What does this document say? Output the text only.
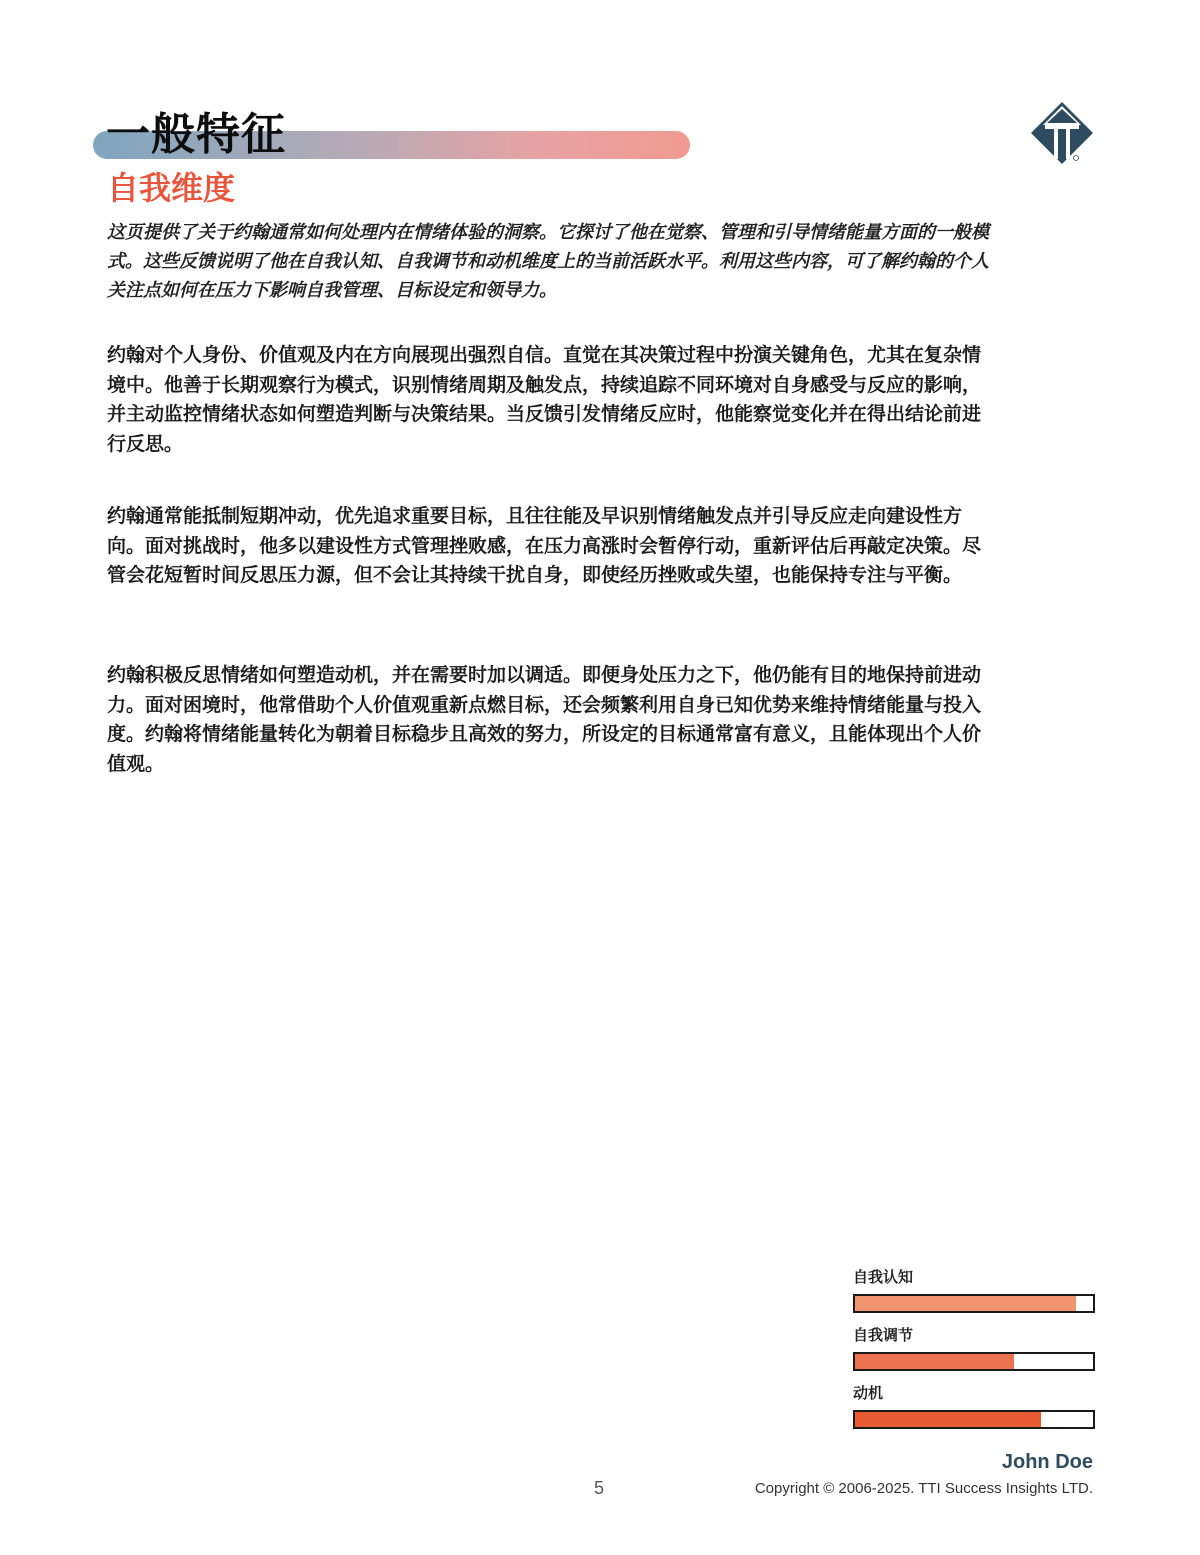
一般特征
自我维度

这页提供了关于约翰通常如何处理内在情绪体验的洞察。它探讨了他在觉察、管理和引导情绪能量方面的一般模式。这些反馈说明了他在自我认知、自我调节和动机维度上的当前活跃水平。利用这些内容，可了解约翰的个人关注点如何在压力下影响自我管理、目标设定和领导力。

约翰对个人身份、价值观及内在方向展现出强烈自信。直觉在其决策过程中扮演关键角色，尤其在复杂情境中。他善于长期观察行为模式，识别情绪周期及触发点，持续追踪不同环境对自身感受与反应的影响，并主动监控情绪状态如何塑造判断与决策结果。当反馈引发情绪反应时，他能察觉变化并在得出结论前进行反思。

约翰通常能抵制短期冲动，优先追求重要目标，且往往能及早识别情绪触发点并引导反应走向建设性方向。面对挑战时，他多以建设性方式管理挫败感，在压力高涨时会暂停行动，重新评估后再敲定决策。尽管会花短暂时间反思压力源，但不会让其持续干扰自身，即使经历挫败或失望，也能保持专注与平衡。

约翰积极反思情绪如何塑造动机，并在需要时加以调适。即便身处压力之下，他仍能有目的地保持前进动力。面对困境时，他常借助个人价值观重新点燃目标，还会频繁利用自身已知优势来维持情绪能量与投入度。约翰将情绪能量转化为朝着目标稳步且高效的努力，所设定的目标通常富有意义，且能体现出个人价值观。

自我认知
自我调节
动机

5

John Doe

Copyright © 2006-2025. TTI Success Insights LTD.
